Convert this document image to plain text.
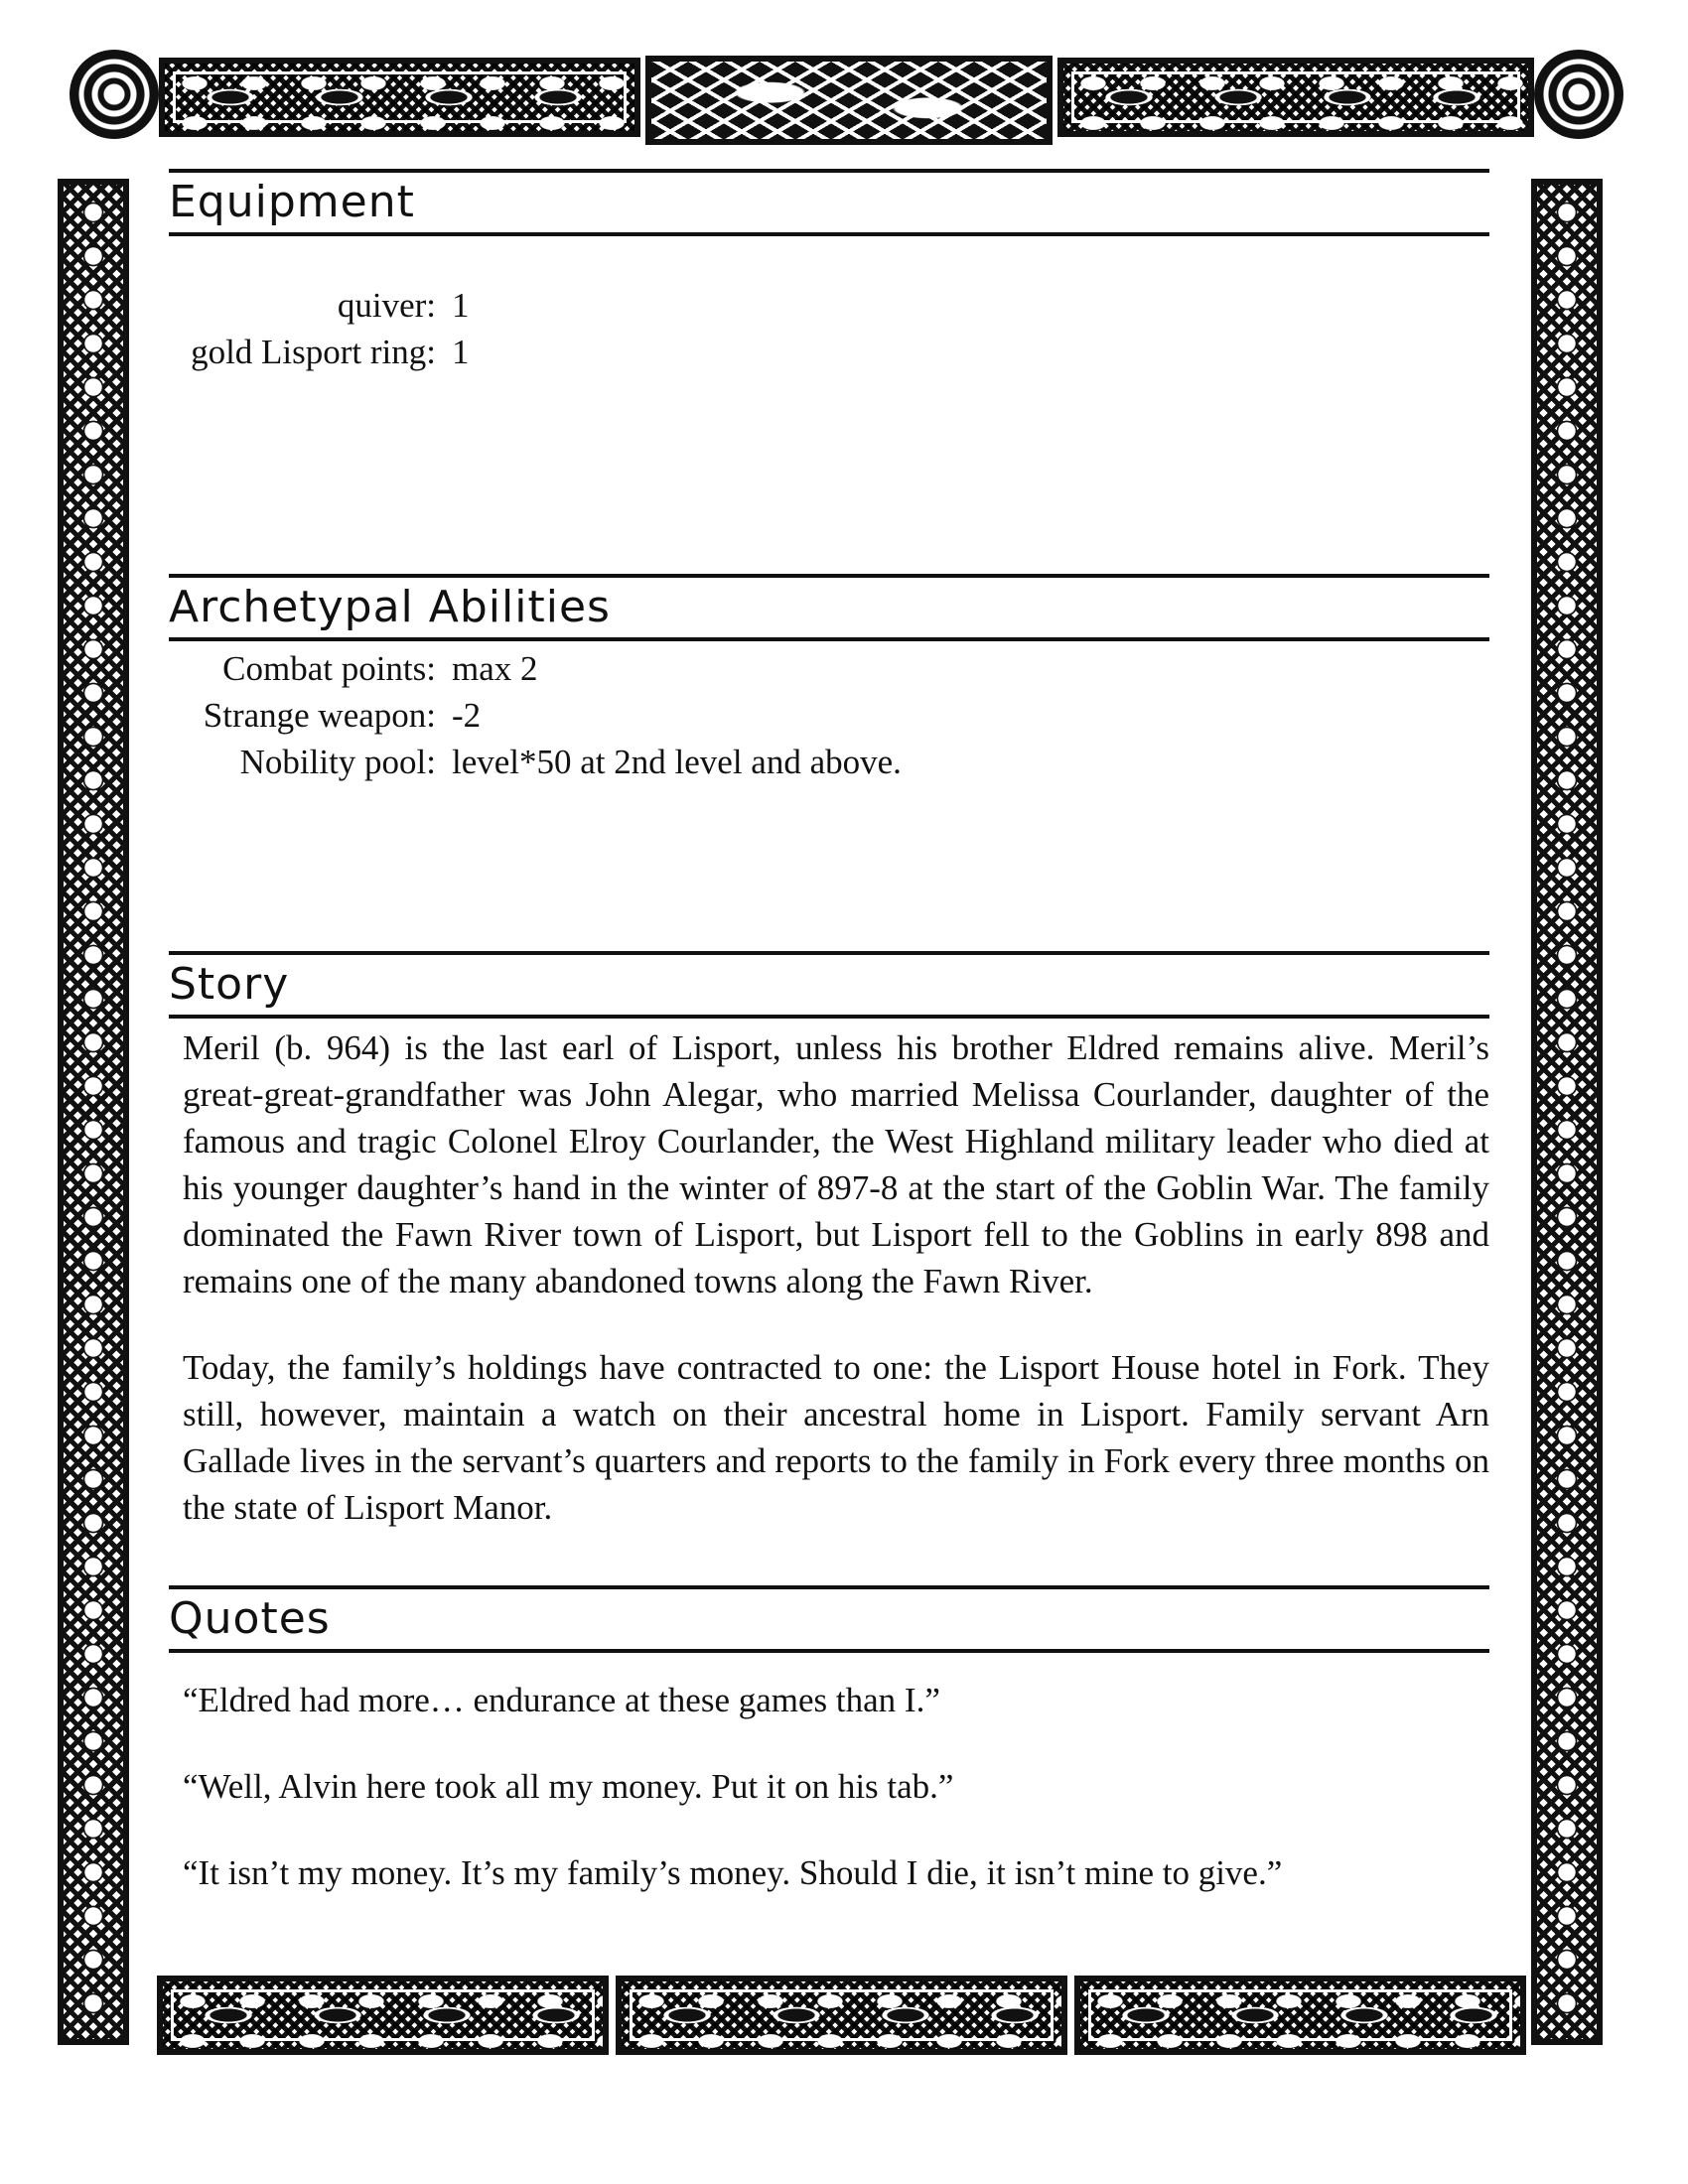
Equipment
quiver: 1
gold Lisport ring: 1
Archetypal Abilities
Combat points: max 2
Strange weapon: -2
Nobility pool: level*50 at 2nd level and above.
Story

Meril (b. 964) is the last earl of Lisport, unless his brother Eldred remains alive. Meril’s great-great-grandfather was John Alegar, who married Melissa Courlander, daughter of the famous and tragic Colonel Elroy Courlander, the West Highland military leader who died at his younger daughter’s hand in the winter of 897-8 at the start of the Goblin War. The family dominated the Fawn River town of Lisport, but Lisport fell to the Goblins in early 898 and remains one of the many abandoned towns along the Fawn River.

Today, the family’s holdings have contracted to one: the Lisport House hotel in Fork. They still, however, maintain a watch on their ancestral home in Lisport. Family servant Arn Gallade lives in the servant’s quarters and reports to the family in Fork every three months on the state of Lisport Manor.

Quotes

“Eldred had more… endurance at these games than I.”

“Well, Alvin here took all my money. Put it on his tab.”

“It isn’t my money. It’s my family’s money. Should I die, it isn’t mine to give.”
